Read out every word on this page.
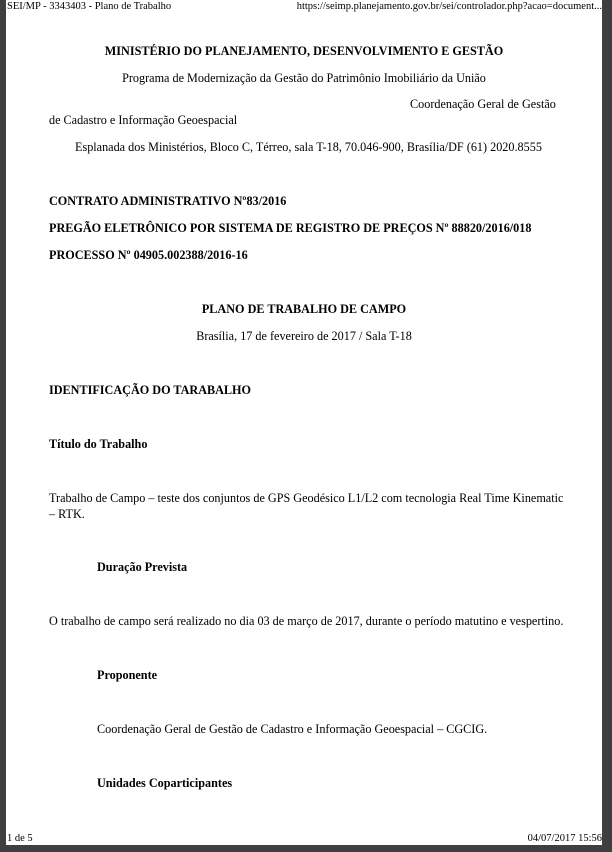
SEI/MP - 3343403 - Plano de Trabalho	https://seimp.planejamento.gov.br/sei/controlador.php?acao=document...
MINISTÉRIO DO PLANEJAMENTO, DESENVOLVIMENTO E GESTÃO
Programa de Modernização da Gestão do Patrimônio Imobiliário da União
Coordenação Geral de Gestão
de Cadastro e Informação Geoespacial
Esplanada dos Ministérios, Bloco C, Térreo, sala T-18, 70.046-900, Brasília/DF (61) 2020.8555
CONTRATO ADMINISTRATIVO Nº83/2016
PREGÃO ELETRÔNICO POR SISTEMA DE REGISTRO DE PREÇOS Nº 88820/2016/018
PROCESSO Nº 04905.002388/2016-16
PLANO DE TRABALHO DE CAMPO
Brasília, 17 de fevereiro de 2017 / Sala T-18
IDENTIFICAÇÃO DO TARABALHO
Título do Trabalho
Trabalho de Campo – teste dos conjuntos de GPS Geodésico L1/L2 com tecnologia Real Time Kinematic
– RTK.
Duração Prevista
O trabalho de campo será realizado no dia 03 de março de 2017, durante o período matutino e vespertino.
Proponente
Coordenação Geral de Gestão de Cadastro e Informação Geoespacial – CGCIG.
Unidades Coparticipantes
1 de 5	04/07/2017 15:56
